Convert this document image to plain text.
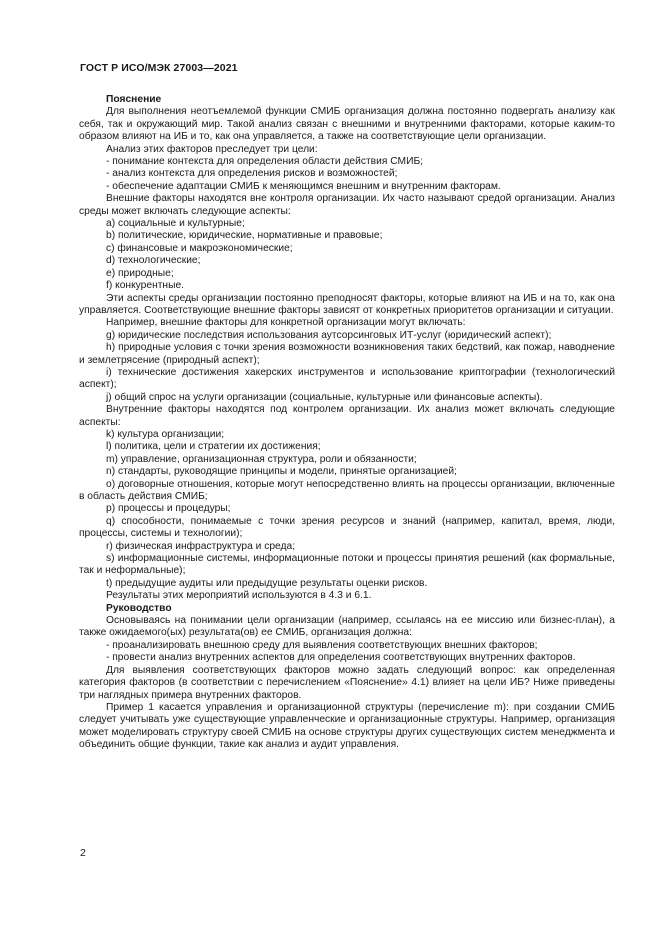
ГОСТ Р ИСО/МЭК 27003—2021

Пояснение

Для выполнения неотъемлемой функции СМИБ организация должна постоянно подвергать анализу как себя, так и окружающий мир. Такой анализ связан с внешними и внутренними факторами, которые каким-то образом влияют на ИБ и то, как она управляется, а также на соответствующие цели организации.

Анализ этих факторов преследует три цели:

- понимание контекста для определения области действия СМИБ;

- анализ контекста для определения рисков и возможностей;

- обеспечение адаптации СМИБ к меняющимся внешним и внутренним факторам.

Внешние факторы находятся вне контроля организации. Их часто называют средой организации. Анализ среды может включать следующие аспекты:

a) социальные и культурные;

b) политические, юридические, нормативные и правовые;

c) финансовые и макроэкономические;

d) технологические;

e) природные;

f) конкурентные.

Эти аспекты среды организации постоянно преподносят факторы, которые влияют на ИБ и на то, как она управляется. Соответствующие внешние факторы зависят от конкретных приоритетов организации и ситуации.

Например, внешние факторы для конкретной организации могут включать:

g) юридические последствия использования аутсорсинговых ИТ-услуг (юридический аспект);

h) природные условия с точки зрения возможности возникновения таких бедствий, как пожар, наводнение и землетрясение (природный аспект);

i) технические достижения хакерских инструментов и использование криптографии (технологический аспект);

j) общий спрос на услуги организации (социальные, культурные или финансовые аспекты).

Внутренние факторы находятся под контролем организации. Их анализ может включать следующие аспекты:

k) культура организации;

l) политика, цели и стратегии их достижения;

m) управление, организационная структура, роли и обязанности;

n) стандарты, руководящие принципы и модели, принятые организацией;

o) договорные отношения, которые могут непосредственно влиять на процессы организации, включенные в область действия СМИБ;

p) процессы и процедуры;

q) способности, понимаемые с точки зрения ресурсов и знаний (например, капитал, время, люди, процессы, системы и технологии);

r) физическая инфраструктура и среда;

s) информационные системы, информационные потоки и процессы принятия решений (как формальные, так и неформальные);

t) предыдущие аудиты или предыдущие результаты оценки рисков.

Результаты этих мероприятий используются в 4.3 и 6.1.

Руководство

Основываясь на понимании цели организации (например, ссылаясь на ее миссию или бизнес-план), а также ожидаемого(ых) результата(ов) ее СМИБ, организация должна:

- проанализировать внешнюю среду для выявления соответствующих внешних факторов;

- провести анализ внутренних аспектов для определения соответствующих внутренних факторов.

Для выявления соответствующих факторов можно задать следующий вопрос: как определенная категория факторов (в соответствии с перечислением «Пояснение» 4.1) влияет на цели ИБ? Ниже приведены три наглядных примера внутренних факторов.

Пример 1 касается управления и организационной структуры (перечисление m): при создании СМИБ следует учитывать уже существующие управленческие и организационные структуры. Например, организация может моделировать структуру своей СМИБ на основе структуры других существующих систем менеджмента и объединить общие функции, такие как анализ и аудит управления.

2
